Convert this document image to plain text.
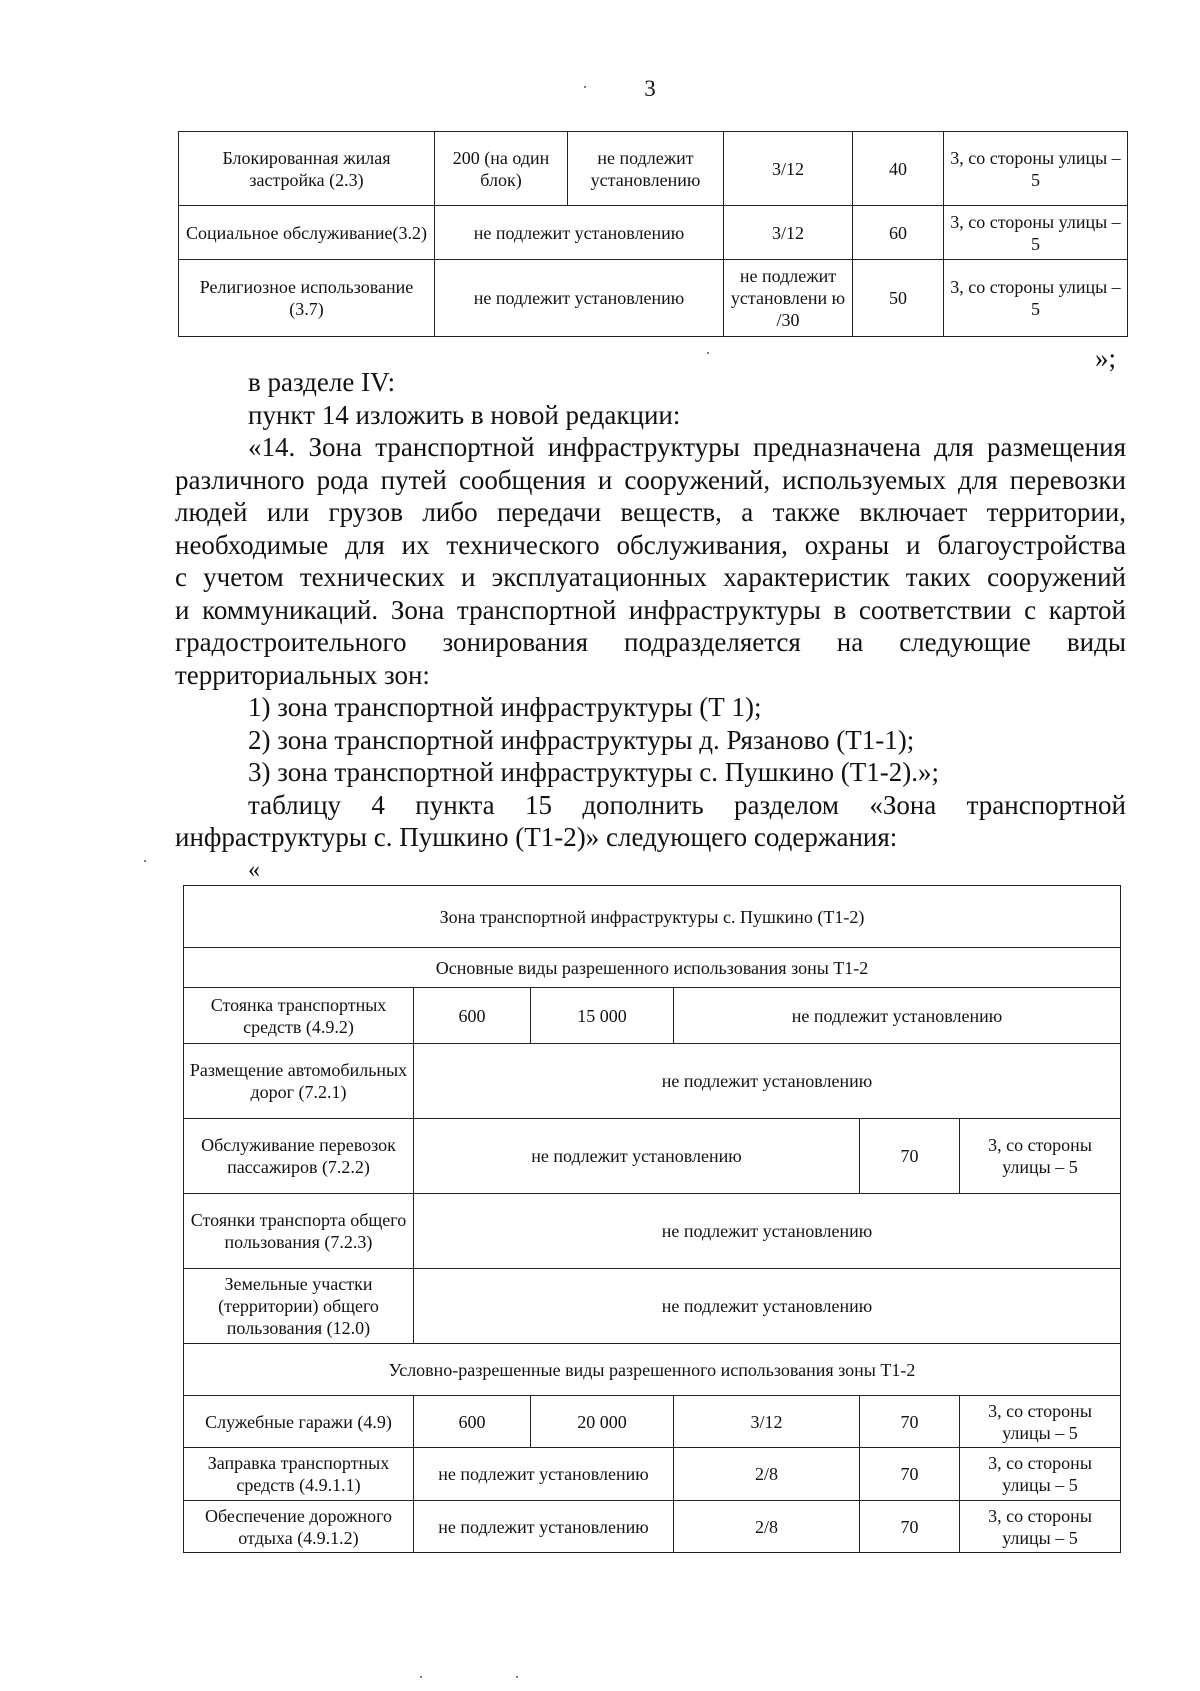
3
Блокированная жилая застройка (2.3)	200 (на один блок)	не подлежит установлению	3/12	40	3, со стороны улицы – 5
Социальное обслуживание(3.2)	не подлежит установлению		3/12	60	3, со стороны улицы – 5
Религиозное использование (3.7)	не подлежит установлению		не подлежит установлени ю /30	50	3, со стороны улицы – 5
»;

в разделе IV:

пункт 14 изложить в новой редакции:

«14. Зона транспортной инфраструктуры предназначена для размещения

различного рода путей сообщения и сооружений, используемых для перевозки

людей или грузов либо передачи веществ, а также включает территории,

необходимые для их технического обслуживания, охраны и благоустройства

с учетом технических и эксплуатационных характеристик таких сооружений

и коммуникаций. Зона транспортной инфраструктуры в соответствии с картой

градостроительного зонирования подразделяется на следующие виды

территориальных зон:

1) зона транспортной инфраструктуры (Т 1);

2) зона транспортной инфраструктуры д. Рязаново (Т1-1);

3) зона транспортной инфраструктуры с. Пушкино (Т1-2).»;

таблицу 4 пункта 15 дополнить разделом «Зона транспортной

инфраструктуры с. Пушкино (Т1-2)» следующего содержания:

«
Зона транспортной инфраструктуры с. Пушкино (Т1-2)					
Основные виды разрешенного использования зоны Т1-2					
Стоянка транспортных средств (4.9.2)	600	15 000	не подлежит установлению		
Размещение автомобильных дорог (7.2.1)	не подлежит установлению				
Обслуживание перевозок пассажиров (7.2.2)	не подлежит установлению			70	3, со стороны улицы – 5
Стоянки транспорта общего пользования (7.2.3)	не подлежит установлению				
Земельные участки (территории) общего пользования (12.0)	не подлежит установлению				
Условно-разрешенные виды разрешенного использования зоны Т1-2					
Служебные гаражи (4.9)	600	20 000	3/12	70	3, со стороны улицы – 5
Заправка транспортных средств (4.9.1.1)	не подлежит установлению		2/8	70	3, со стороны улицы – 5
Обеспечение дорожного отдыха (4.9.1.2)	не подлежит установлению		2/8	70	3, со стороны улицы – 5
